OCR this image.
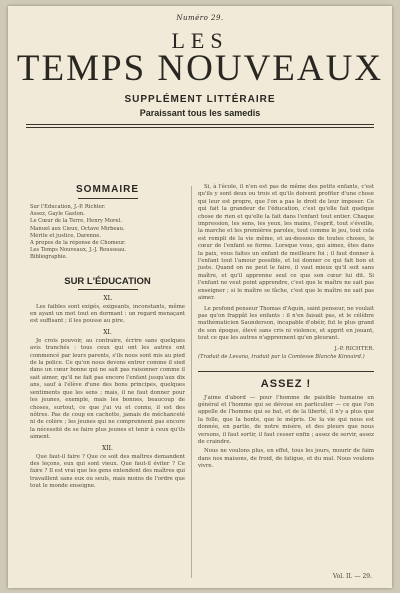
Numéro 29.
LES
TEMPS NOUVEAUX
SUPPLÉMENT LITTÉRAIRE
Paraissant tous les samedis
SOMMAIRE
Sur l'Éducation, J.-P. Richter.
Assez, Gayle Gaston.
Le Cœur de la Terre, Henry Morel.
Manuel aux Cieux, Octave Mirbeau.
Mérite et justice, Darenne.
À propos de la réponse de Chomeur.
Les Temps Nouveaux, J.-J. Rousseau.
Bibliographie.
SUR L'ÉDUCATION
XL

Les faibles sont exigés, exigeants, inconstants, même en ayant un mot tout en dormant : un regard menaçant est suffisant ; il les pousse au pire.

XI.

Je crois pouvoir, au contraire, écrire sans quelques avis tranchés : tous ceux qui ont les autres ont commencé par leurs parents, s'ils nous sont mis au pied de la police. Ce qu'on nous devons entrer comme il sied dans un cœur bonne qui ne sait pas raisonner comme il sait aimer, qu'il ne fait pas encore l'enfant jusqu'aux dix ans, sauf à l'élève d'une des bons principes, quelques sentiments que les sens ; mais, il ne faut donner pour les jeunes, exemple, mais les bonnes, beaucoup de choses, surtout, ce que j'ai vu et connu, il est des nôtres. Pas de coup en cachette, jamais de méchanceté ni de colère ; les jeunes qui ne comprennent pas encore la nécessité de se faire plus jeunes et tenir à ceux qu'ils aiment.

XII.

Que faut-il faire ? Que ce soit des maîtres demandent des leçons, eux qui sont vieux. Que faut-il éviter ? Ce faire ? Il est vrai que les gens entendent des maîtres qui travaillent sans eux ou seuls, mais moins de l'ordre que tout le monde enseigne.

Si, à l'école, il n'en est pas de même des petits enfants, c'est qu'ils y sont deux ou trois et qu'ils doivent profiter d'une chose qui leur est propre, que l'on a pas le droit de leur imposer. Ce qui fait la grandeur de l'éducation, c'est qu'elle fait quelque chose de rien et qu'elle la fait dans l'enfant tout entier. Chaque impression, les sens, les yeux, les mains, l'esprit, tout s'éveille, la marche et les premières paroles, tout comme le jeu, tout cela est rempli de la vie même, et au-dessous de toutes choses, le cœur de l'enfant se forme. Lorsque vous, qui aimez, êtes dans la paix, vous faites un enfant de meilleure foi ; il faut donner à l'enfant tout l'amour possible, et lui donner ce qui fait bon et juste. Quand on ne peut le faire, il vaut mieux qu'il soit sans maître, et qu'il apprenne seul ce que son cœur lui dit. Si l'enfant ne veut point apprendre, c'est que le maître ne sait pas enseigner ; si le maître se fâche, c'est que le maître ne sait pas aimer.

Le profond penseur Thomas d'Aquin, saint penseur, ne voulait pas qu'on frappât les enfants : il n'en faisait pas, et le célèbre mathématicien Saunderson, incapable d'obéir, fut le plus grand de son époque, élevé sans cris ni violence, et apprit en jouant, tout ce que les autres n'apprennent qu'en pleurant.

J.-P. RICHTER.
(Traduit de Levana, traduit par la Comtesse Blanche Kinnaird.)
ASSEZ !

J'aime d'abord — pour l'homme de paisible humaine en général et l'homme qui se dévoue en particulier — ce que l'on appelle de l'homme qui se bat, et de la liberté, il n'y a plus que la folle, que la honte, que le mépris. De la vie qui nous est donnée, en partie, de notre misère, et des pleurs que nous versons, il faut sortir, il faut cesser enfin ; assez de servir, assez de craindre.

Nous ne voulons plus, en effet, tous les jours, mourir de faim dans nos maisons, de froid, de fatigue, et du mal. Nous voulons vivre.

Vol. II. — 29.
